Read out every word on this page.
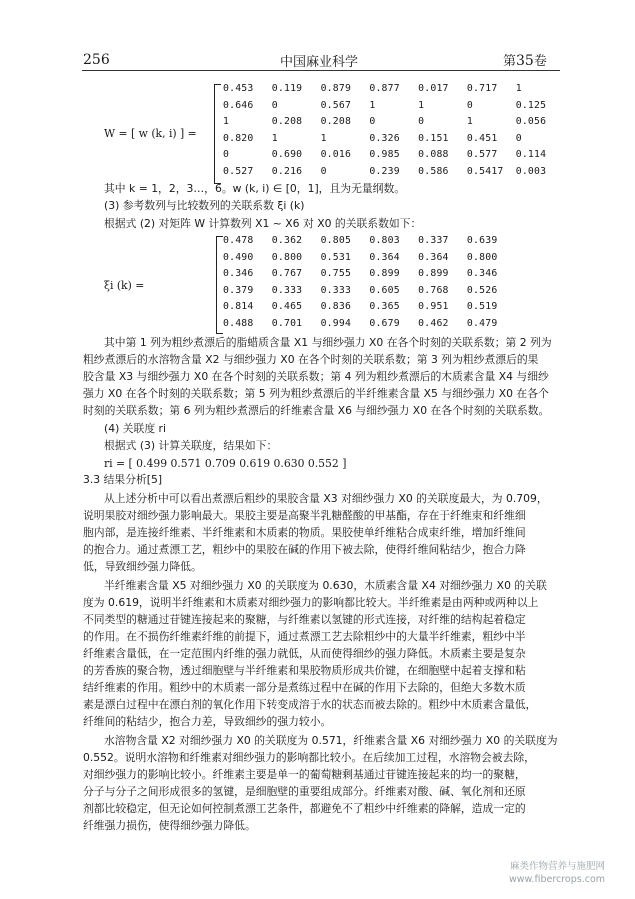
256	中国麻业科学	第35卷
W = [ w (k, i) ] =
0.453   0.119   0.879   0.877   0.017   0.717   1
0.646   0       0.567   1       1       0       0.125
1       0.208   0.208   0       0       1       0.056
0.820   1       1       0.326   0.151   0.451   0
0       0.690   0.016   0.985   0.088   0.577   0.114
0.527   0.216   0       0.239   0.586   0.5417  0.003
其中 k = 1，2，3…，6。w (k, i) ∈ [0，1]，且为无量纲数。
(3) 参考数列与比较数列的关联系数 ξi (k)
根据式 (2) 对矩阵 W 计算数列 X1 ~ X6 对 X0 的关联系数如下：
ξi (k) =
0.478   0.362   0.805   0.803   0.337   0.639
0.490   0.800   0.531   0.364   0.364   0.800
0.346   0.767   0.755   0.899   0.899   0.346
0.379   0.333   0.333   0.605   0.768   0.526
0.814   0.465   0.836   0.365   0.951   0.519
0.488   0.701   0.994   0.679   0.462   0.479
其中第 1 列为粗纱煮漂后的脂蜡质含量 X1 与细纱强力 X0 在各个时刻的关联系数；第 2 列为
粗纱煮漂后的水溶物含量 X2 与细纱强力 X0 在各个时刻的关联系数；第 3 列为粗纱煮漂后的果
胶含量 X3 与细纱强力 X0 在各个时刻的关联系数；第 4 列为粗纱煮漂后的木质素含量 X4 与细纱
强力 X0 在各个时刻的关联系数；第 5 列为粗纱煮漂后的半纤维素含量 X5 与细纱强力 X0 在各个
时刻的关联系数；第 6 列为粗纱煮漂后的纤维素含量 X6 与细纱强力 X0 在各个时刻的关联系数。
(4) 关联度 ri
根据式 (3) 计算关联度，结果如下：
ri = [ 0.499 0.571 0.709 0.619 0.630 0.552 ]
3.3 结果分析[5]
从上述分析中可以看出煮漂后粗纱的果胶含量 X3 对细纱强力 X0 的关联度最大，为 0.709，
说明果胶对细纱强力影响最大。果胶主要是高聚半乳糖醛酸的甲基酯，存在于纤维束和纤维细
胞内部，是连接纤维素、半纤维素和木质素的物质。果胶使单纤维粘合成束纤维，增加纤维间
的抱合力。通过煮漂工艺，粗纱中的果胶在碱的作用下被去除，使得纤维间粘结少，抱合力降
低，导致细纱强力降低。
半纤维素含量 X5 对细纱强力 X0 的关联度为 0.630，木质素含量 X4 对细纱强力 X0 的关联
度为 0.619，说明半纤维素和木质素对细纱强力的影响都比较大。半纤维素是由两种或两种以上
不同类型的糖通过苷键连接起来的聚糖，与纤维素以氢键的形式连接，对纤维的结构起着稳定
的作用。在不损伤纤维素纤维的前提下，通过煮漂工艺去除粗纱中的大量半纤维素，粗纱中半
纤维素含量低，在一定范围内纤维的强力就低，从而使得细纱的强力降低。木质素主要是复杂
的芳香族的聚合物，透过细胞壁与半纤维素和果胶物质形成共价键，在细胞壁中起着支撑和粘
结纤维素的作用。粗纱中的木质素一部分是煮练过程中在碱的作用下去除的，但绝大多数木质
素是漂白过程中在漂白剂的氧化作用下转变成溶于水的状态而被去除的。粗纱中木质素含量低，
纤维间的粘结少，抱合力差，导致细纱的强力较小。
水溶物含量 X2 对细纱强力 X0 的关联度为 0.571，纤维素含量 X6 对细纱强力 X0 的关联度为
0.552。说明水溶物和纤维素对细纱强力的影响都比较小。在后续加工过程，水溶物会被去除，
对细纱强力的影响比较小。纤维素主要是单一的葡萄糖剩基通过苷键连接起来的均一的聚糖，
分子与分子之间形成很多的氢键，是细胞壁的重要组成部分。纤维素对酸、碱、氧化剂和还原
剂都比较稳定，但无论如何控制煮漂工艺条件，都避免不了粗纱中纤维素的降解，造成一定的
纤维强力损伤，使得细纱强力降低。
麻类作物营养与施肥网
www.fibercrops.com
